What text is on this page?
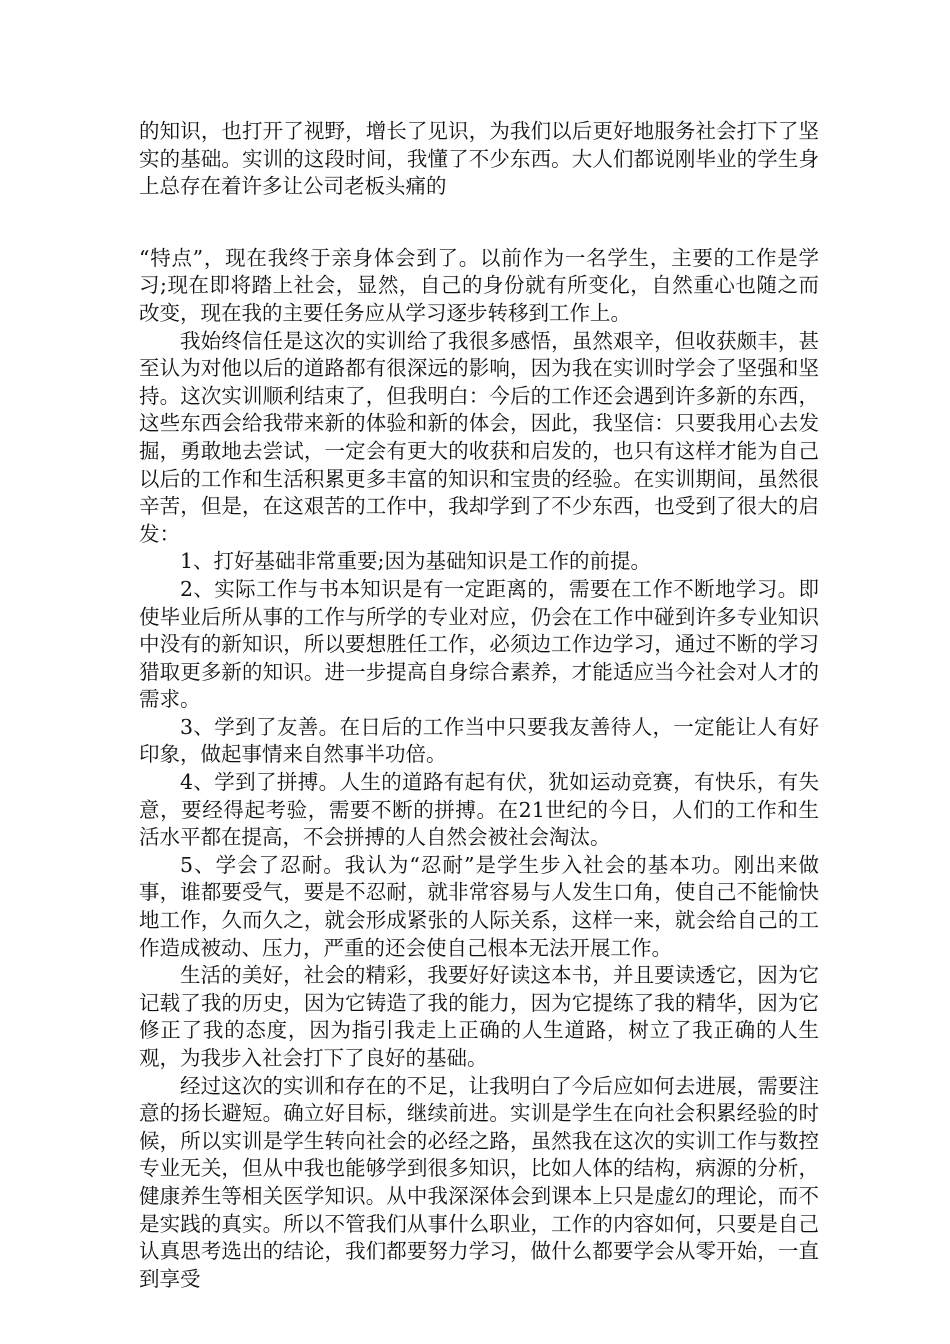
的知识，也打开了视野，增长了见识，为我们以后更好地服务社会打下了坚实的基础。实训的这段时间，我懂了不少东西。大人们都说刚毕业的学生身上总存在着许多让公司老板头痛的

“特点”，现在我终于亲身体会到了。以前作为一名学生，主要的工作是学习;现在即将踏上社会，显然，自己的身份就有所变化，自然重心也随之而改变，现在我的主要任务应从学习逐步转移到工作上。

我始终信任是这次的实训给了我很多感悟，虽然艰辛，但收获颇丰，甚至认为对他以后的道路都有很深远的影响，因为我在实训时学会了坚强和坚持。这次实训顺利结束了，但我明白：今后的工作还会遇到许多新的东西，这些东西会给我带来新的体验和新的体会，因此，我坚信：只要我用心去发掘，勇敢地去尝试，一定会有更大的收获和启发的，也只有这样才能为自己以后的工作和生活积累更多丰富的知识和宝贵的经验。在实训期间，虽然很辛苦，但是，在这艰苦的工作中，我却学到了不少东西，也受到了很大的启发：

1、打好基础非常重要;因为基础知识是工作的前提。

2、实际工作与书本知识是有一定距离的，需要在工作不断地学习。即使毕业后所从事的工作与所学的专业对应，仍会在工作中碰到许多专业知识中没有的新知识，所以要想胜任工作，必须边工作边学习，通过不断的学习猎取更多新的知识。进一步提高自身综合素养，才能适应当今社会对人才的需求。

3、学到了友善。在日后的工作当中只要我友善待人，一定能让人有好印象，做起事情来自然事半功倍。

4、学到了拼搏。人生的道路有起有伏，犹如运动竞赛，有快乐，有失意，要经得起考验，需要不断的拼搏。在21世纪的今日，人们的工作和生活水平都在提高，不会拼搏的人自然会被社会淘汰。

5、学会了忍耐。我认为“忍耐”是学生步入社会的基本功。刚出来做事，谁都要受气，要是不忍耐，就非常容易与人发生口角，使自己不能愉快地工作，久而久之，就会形成紧张的人际关系，这样一来，就会给自己的工作造成被动、压力，严重的还会使自己根本无法开展工作。

生活的美好，社会的精彩，我要好好读这本书，并且要读透它，因为它记载了我的历史，因为它铸造了我的能力，因为它提练了我的精华，因为它修正了我的态度，因为指引我走上正确的人生道路，树立了我正确的人生观，为我步入社会打下了良好的基础。

经过这次的实训和存在的不足，让我明白了今后应如何去进展，需要注意的扬长避短。确立好目标，继续前进。实训是学生在向社会积累经验的时候，所以实训是学生转向社会的必经之路，虽然我在这次的实训工作与数控专业无关，但从中我也能够学到很多知识，比如人体的结构，病源的分析，健康养生等相关医学知识。从中我深深体会到课本上只是虚幻的理论，而不是实践的真实。所以不管我们从事什么职业，工作的内容如何，只要是自己认真思考选出的结论，我们都要努力学习，做什么都要学会从零开始，一直到享受
